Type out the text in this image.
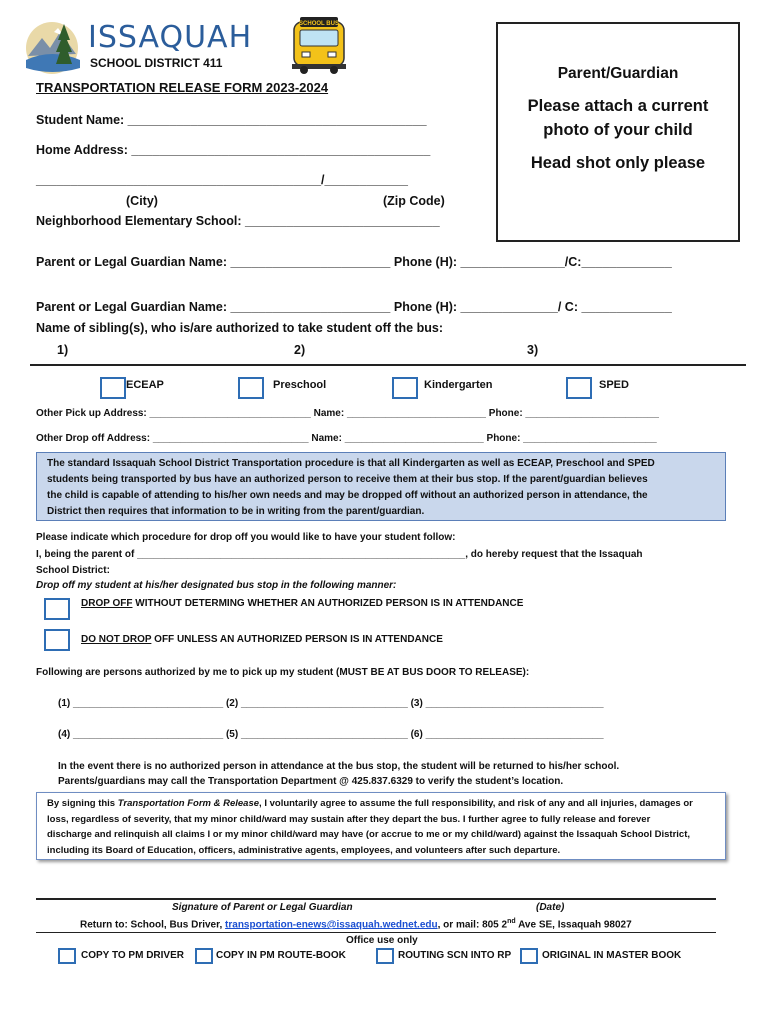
ISSAQUAH
SCHOOL DISTRICT 411
SCHOOL BUS
Parent/Guardian
Please attach a current
photo of your child
Head shot only please
TRANSPORTATION RELEASE FORM 2023-2024
Student Name: ___________________________________________
Home Address: ___________________________________________
_________________________________________/____________
(City)	(Zip Code)
Neighborhood Elementary School: ____________________________
Parent or Legal Guardian Name: _______________________ Phone (H): _______________/C:_____________
Parent or Legal Guardian Name: _______________________ Phone (H): ______________/ C: _____________
Name of sibling(s), who is/are authorized to take student off the bus:
1)	2)	3)
ECEAP	Preschool	Kindergarten	SPED
Other Pick up Address: _____________________________ Name: _________________________ Phone: ________________________
Other Drop off Address: ____________________________ Name: _________________________ Phone: ________________________
The standard Issaquah School District Transportation procedure is that all Kindergarten as well as ECEAP, Preschool and SPED
students being transported by bus have an authorized person to receive them at their bus stop. If the parent/guardian believes
the child is capable of attending to his/her own needs and may be dropped off without an authorized person in attendance, the
District then requires that information to be in writing from the parent/guardian.
Please indicate which procedure for drop off you would like to have your student follow:
I, being the parent of ___________________________________________________________, do hereby request that the Issaquah
School District:
Drop off my student at his/her designated bus stop in the following manner:
DROP OFF WITHOUT DETERMING WHETHER AN AUTHORIZED PERSON IS IN ATTENDANCE
DO NOT DROP OFF UNLESS AN AUTHORIZED PERSON IS IN ATTENDANCE
Following are persons authorized by me to pick up my student (MUST BE AT BUS DOOR TO RELEASE):
(1) ___________________________ (2) ______________________________ (3) ________________________________
(4) ___________________________ (5) ______________________________ (6) ________________________________
In the event there is no authorized person in attendance at the bus stop, the student will be returned to his/her school.
Parents/guardians may call the Transportation Department @ 425.837.6329 to verify the student’s location.
By signing this Transportation Form & Release, I voluntarily agree to assume the full responsibility, and risk of any and all injuries, damages or
loss, regardless of severity, that my minor child/ward may sustain after they depart the bus. I further agree to fully release and forever
discharge and relinquish all claims I or my minor child/ward may have (or accrue to me or my child/ward) against the Issaquah School District,
including its Board of Education, officers, administrative agents, employees, and volunteers after such departure.
Signature of Parent or Legal Guardian	(Date)
Return to: School, Bus Driver, transportation-enews@issaquah.wednet.edu, or mail: 805 2nd Ave SE, Issaquah 98027
Office use only
COPY TO PM DRIVER	COPY IN PM ROUTE-BOOK	ROUTING SCN INTO RP	ORIGINAL IN MASTER BOOK
